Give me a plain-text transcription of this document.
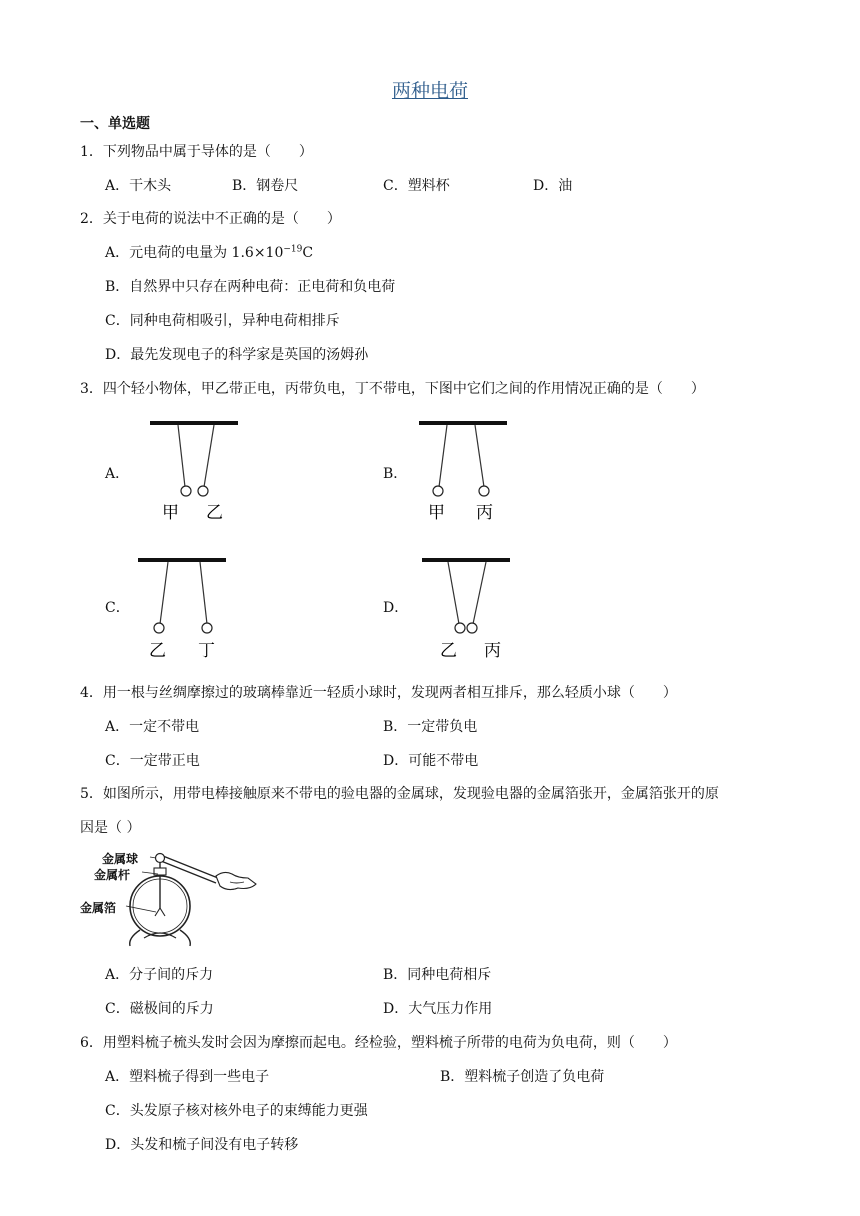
两种电荷
一、单选题
1．下列物品中属于导体的是（　　）
A．干木头	B．钢卷尺	C．塑料杯	D．油
2．关于电荷的说法中不正确的是（　　）
A．元电荷的电量为 $1.6\times 10^{-19}C$
B．自然界中只存在两种电荷：正电荷和负电荷
C．同种电荷相吸引，异种电荷相排斥
D．最先发现电子的科学家是英国的汤姆孙
3．四个轻小物体，甲乙带正电，丙带负电，丁不带电，下图中它们之间的作用情况正确的是（　　）
A．
甲 乙
B．
甲 丙
C．
乙 丁
D．
乙 丙
4．用一根与丝绸摩擦过的玻璃棒靠近一轻质小球时，发现两者相互排斥，那么轻质小球（　　）
A．一定不带电	B．一定带负电
C．一定带正电	D．可能不带电
5．如图所示，用带电棒接触原来不带电的验电器的金属球，发现验电器的金属箔张开，金属箔张开的原
因是（ ）
金属球
金属杆
金属箔
A．分子间的斥力	B．同种电荷相斥
C．磁极间的斥力	D．大气压力作用
6．用塑料梳子梳头发时会因为摩擦而起电。经检验，塑料梳子所带的电荷为负电荷，则（　　）
A．塑料梳子得到一些电子	B．塑料梳子创造了负电荷
C．头发原子核对核外电子的束缚能力更强
D．头发和梳子间没有电子转移
